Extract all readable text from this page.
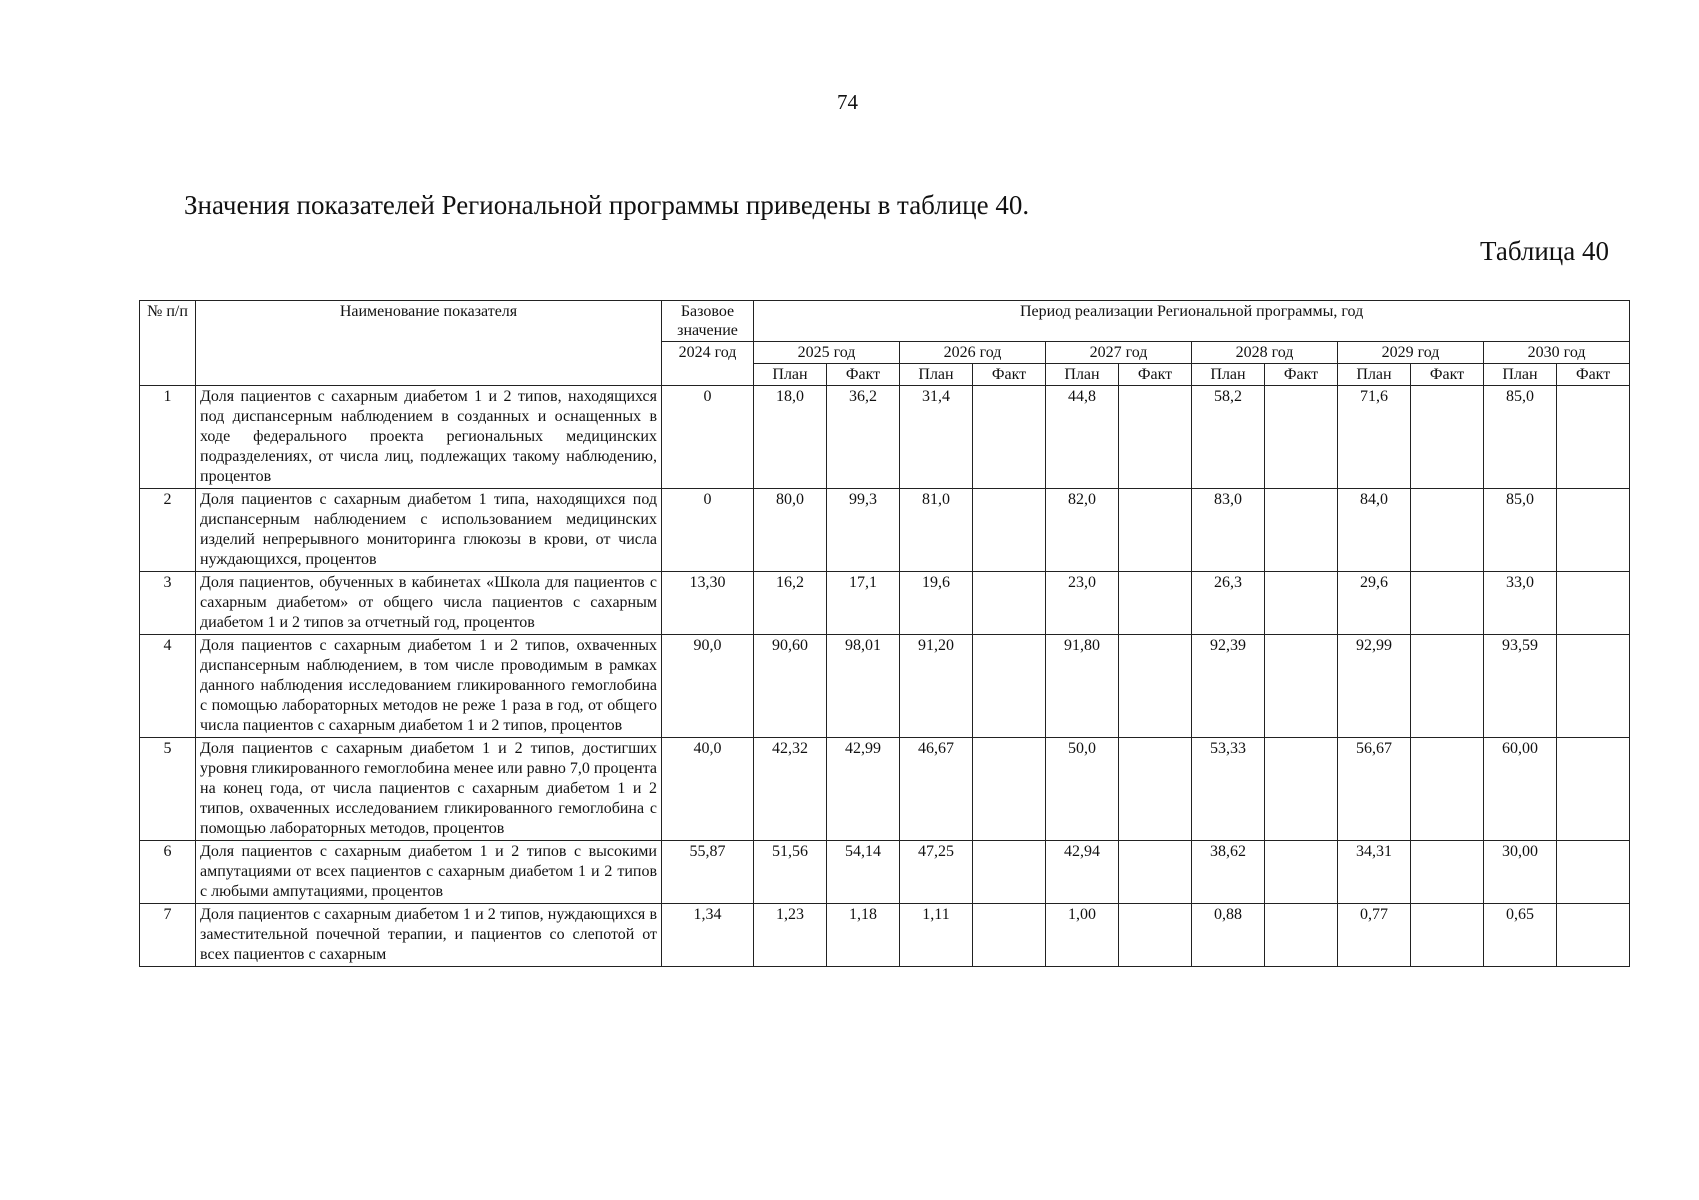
74
Значения показателей Региональной программы приведены в таблице 40.
Таблица 40
№ п/п	Наименование показателя	Базовое значение	Период реализации Региональной программы, год											
		2024 год	2025 год		2026 год		2027 год		2028 год		2029 год		2030 год	
			План	Факт	План	Факт	План	Факт	План	Факт	План	Факт	План	Факт
1	Доля пациентов с сахарным диабетом 1 и 2 типов, находящихся под диспансерным наблюдением в созданных и оснащенных в ходе федерального проекта региональных медицинских подразделениях, от числа лиц, подлежащих такому наблюдению, процентов	0	18,0	36,2	31,4		44,8		58,2		71,6		85,0	
2	Доля пациентов с сахарным диабетом 1 типа, находящихся под диспансерным наблюдением с использованием медицинских изделий непрерывного мониторинга глюкозы в крови, от числа нуждающихся, процентов	0	80,0	99,3	81,0		82,0		83,0		84,0		85,0	
3	Доля пациентов, обученных в кабинетах «Школа для пациентов с сахарным диабетом» от общего числа пациентов с сахарным диабетом 1 и 2 типов за отчетный год, процентов	13,30	16,2	17,1	19,6		23,0		26,3		29,6		33,0	
4	Доля пациентов с сахарным диабетом 1 и 2 типов, охваченных диспансерным наблюдением, в том числе проводимым в рамках данного наблюдения исследованием гликированного гемоглобина с помощью лабораторных методов не реже 1 раза в год, от общего числа пациентов с сахарным диабетом 1 и 2 типов, процентов	90,0	90,60	98,01	91,20		91,80		92,39		92,99		93,59	
5	Доля пациентов с сахарным диабетом 1 и 2 типов, достигших уровня гликированного гемоглобина менее или равно 7,0 процента на конец года, от числа пациентов с сахарным диабетом 1 и 2 типов, охваченных исследованием гликированного гемоглобина с помощью лабораторных методов, процентов	40,0	42,32	42,99	46,67		50,0		53,33		56,67		60,00	
6	Доля пациентов с сахарным диабетом 1 и 2 типов с высокими ампутациями от всех пациентов с сахарным диабетом 1 и 2 типов с любыми ампутациями, процентов	55,87	51,56	54,14	47,25		42,94		38,62		34,31		30,00	
7	Доля пациентов с сахарным диабетом 1 и 2 типов, нуждающихся в заместительной почечной терапии, и пациентов со слепотой от всех пациентов с сахарным	1,34	1,23	1,18	1,11		1,00		0,88		0,77		0,65	
